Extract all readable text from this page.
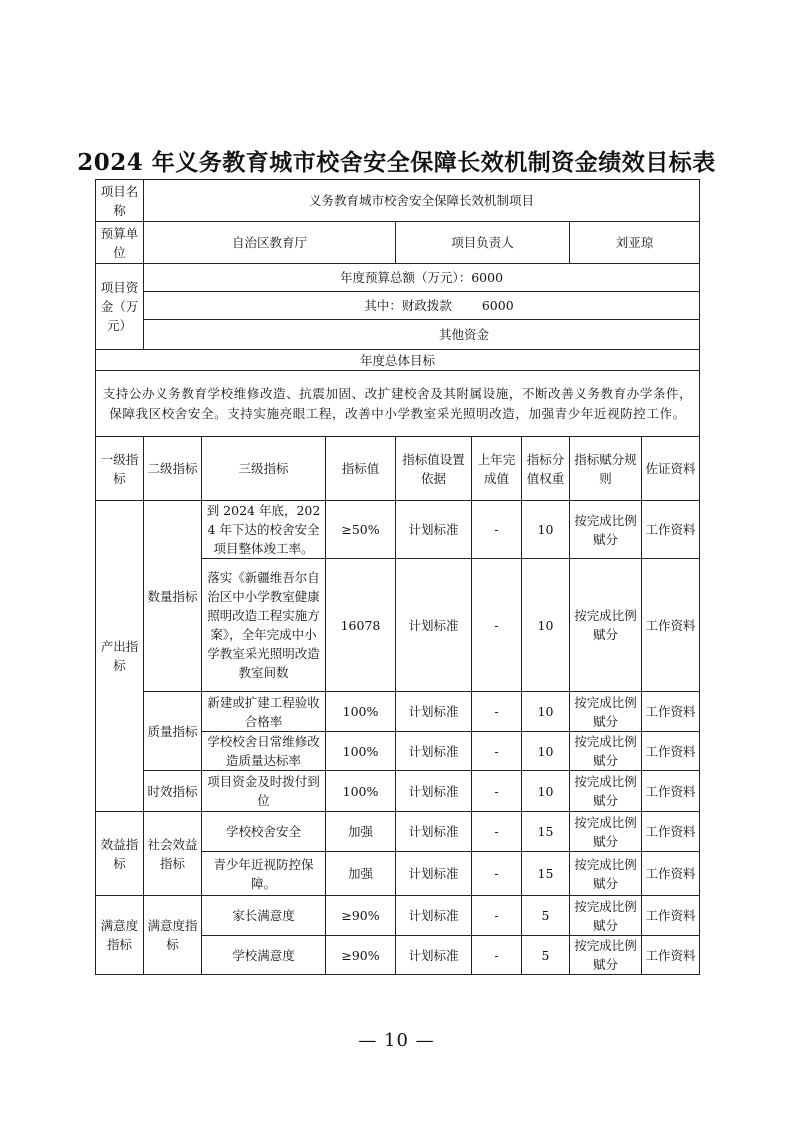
2024 年义务教育城市校舍安全保障长效机制资金绩效目标表
项目名称	义务教育城市校舍安全保障长效机制项目							
预算单位	自治区教育厅			项目负责人			刘亚琼	
项目资金（万元）	年度预算总额（万元）：6000							
	其中：财政拨款 6000							
	其他资金							
年度总体目标								
支持公办义务教育学校维修改造、抗震加固、改扩建校舍及其附属设施，不断改善义务教育办学条件，保障我区校舍安全。支持实施亮眼工程，改善中小学教室采光照明改造，加强青少年近视防控工作。								
一级指标	二级指标	三级指标	指标值	指标值设置依据	上年完成值	指标分值权重	指标赋分规则	佐证资料
产出指标	数量指标	到 2024 年底，2024 年下达的校舍安全项目整体竣工率。	≥50%	计划标准	-	10	按完成比例赋分	工作资料
		落实《新疆维吾尔自治区中小学教室健康照明改造工程实施方案》，全年完成中小学教室采光照明改造教室间数	16078	计划标准	-	10	按完成比例赋分	工作资料
	质量指标	新建或扩建工程验收合格率	100%	计划标准	-	10	按完成比例赋分	工作资料
		学校校舍日常维修改造质量达标率	100%	计划标准	-	10	按完成比例赋分	工作资料
	时效指标	项目资金及时拨付到位	100%	计划标准	-	10	按完成比例赋分	工作资料
效益指标	社会效益指标	学校校舍安全	加强	计划标准	-	15	按完成比例赋分	工作资料
		青少年近视防控保障。	加强	计划标准	-	15	按完成比例赋分	工作资料
满意度指标	满意度指标	家长满意度	≥90%	计划标准	-	5	按完成比例赋分	工作资料
		学校满意度	≥90%	计划标准	-	5	按完成比例赋分	工作资料
— 10 —
